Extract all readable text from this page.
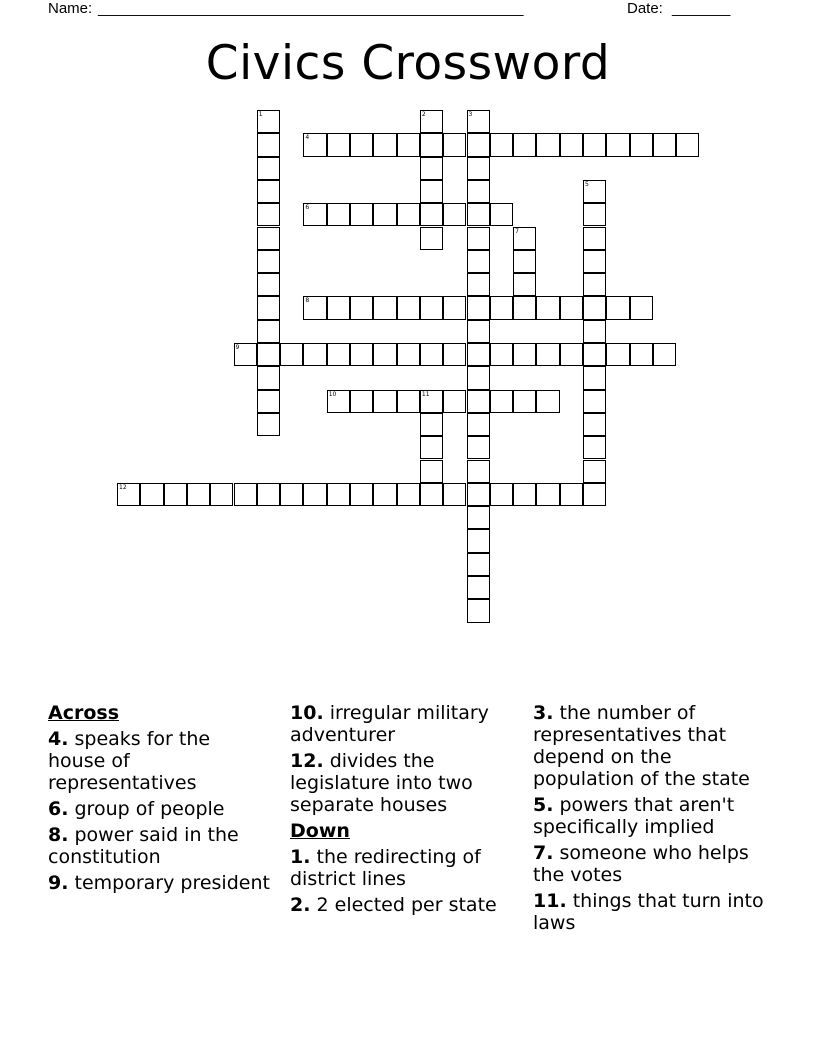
Name: ___________________________________________________	Date: _______
Civics Crossword
4
6
8
9
10	11
12
1	2	3
5
7
Across
4. speaks for the house of representatives
6. group of people
8. power said in the constitution
9. temporary president
10. irregular military adventurer
12. divides the legislature into two separate houses
Down
1. the redirecting of district lines
2. 2 elected per state
3. the number of representatives that depend on the population of the state
5. powers that aren't specifically implied
7. someone who helps the votes
11. things that turn into laws
